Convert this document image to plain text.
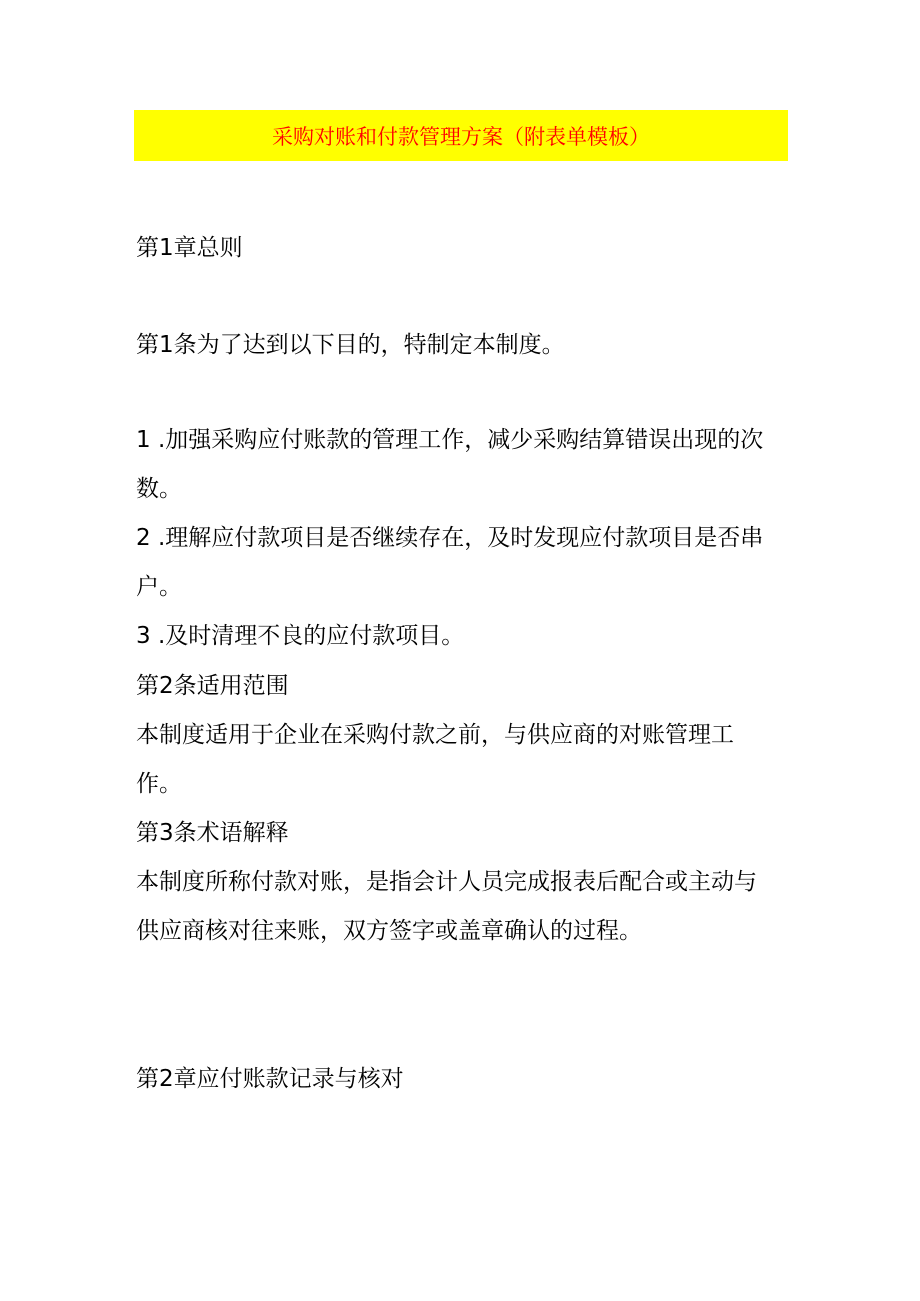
采购对账和付款管理方案（附表单模板）
第1章总则
第1条为了达到以下目的，特制定本制度。
1 .加强采购应付账款的管理工作，减少采购结算错误出现的次
数。
2 .理解应付款项目是否继续存在，及时发现应付款项目是否串
户。
3 .及时清理不良的应付款项目。
第2条适用范围
本制度适用于企业在采购付款之前，与供应商的对账管理工
作。
第3条术语解释
本制度所称付款对账，是指会计人员完成报表后配合或主动与
供应商核对往来账，双方签字或盖章确认的过程。
第2章应付账款记录与核对
